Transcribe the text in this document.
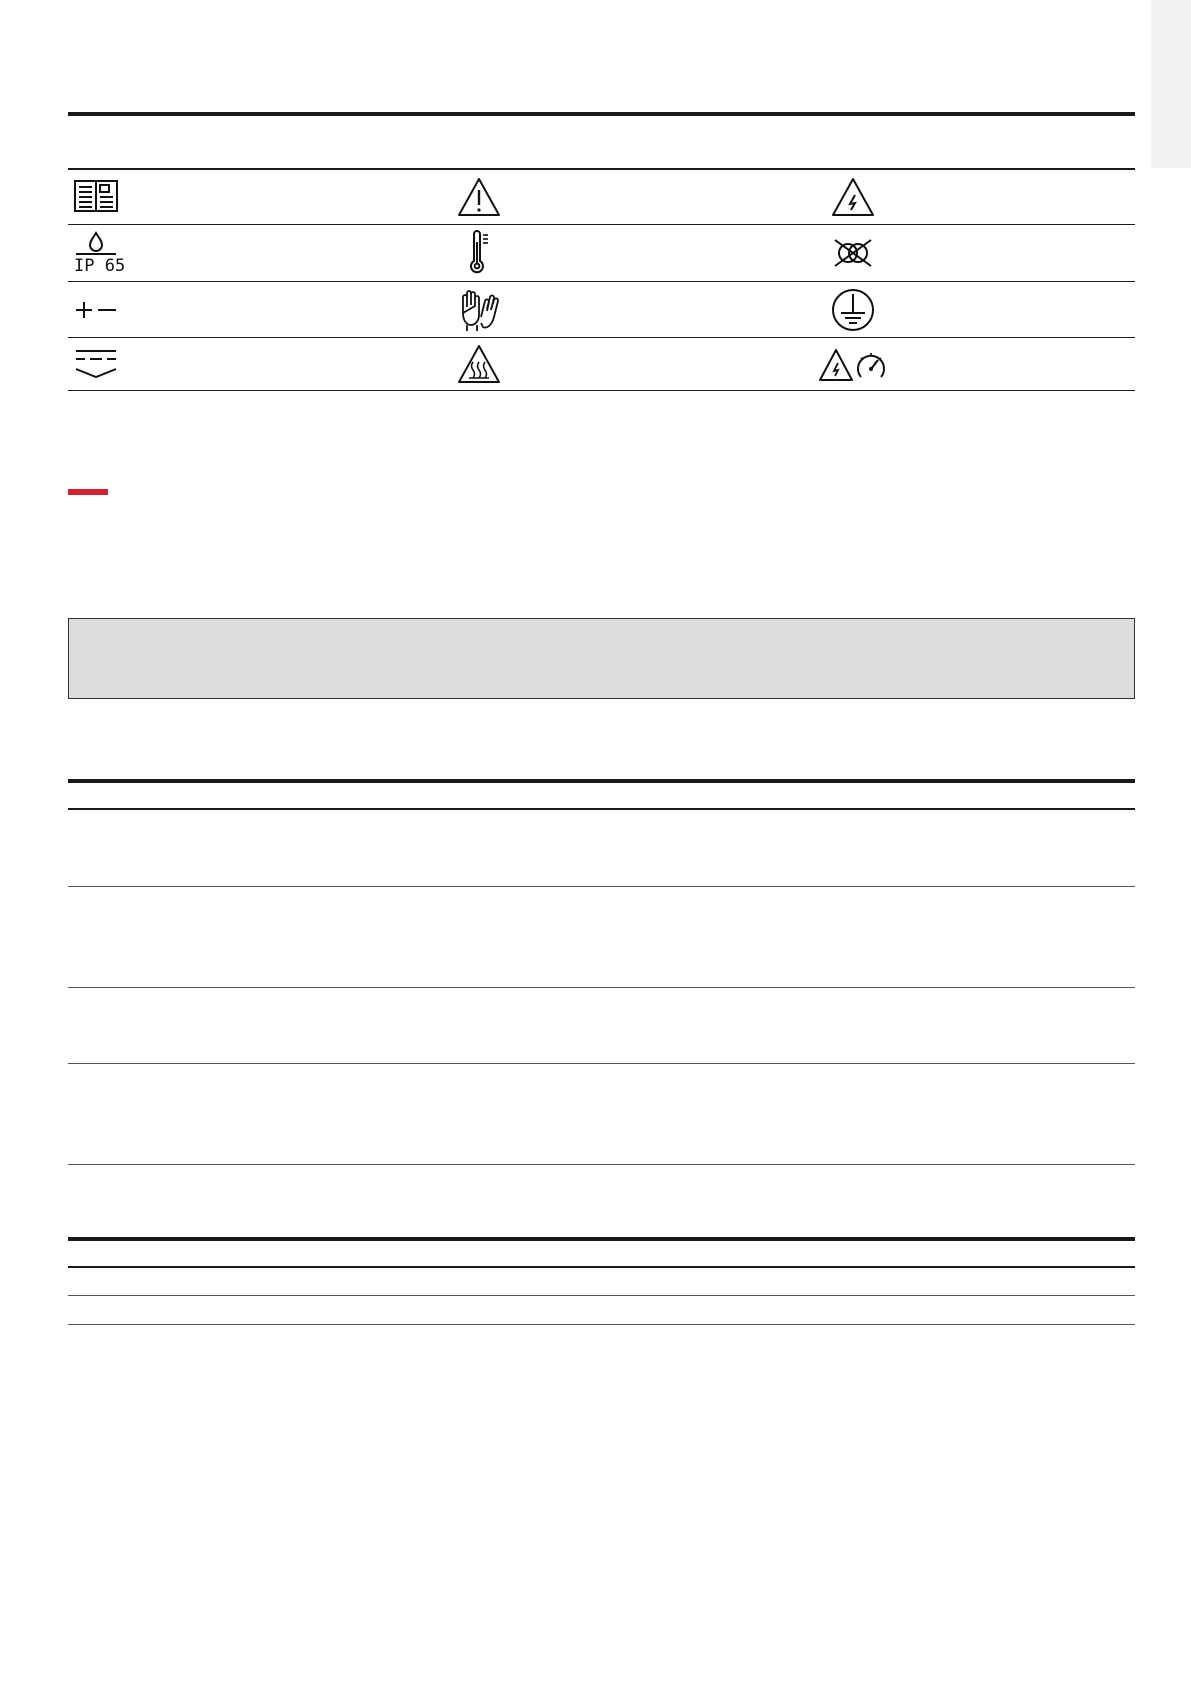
IP 65
